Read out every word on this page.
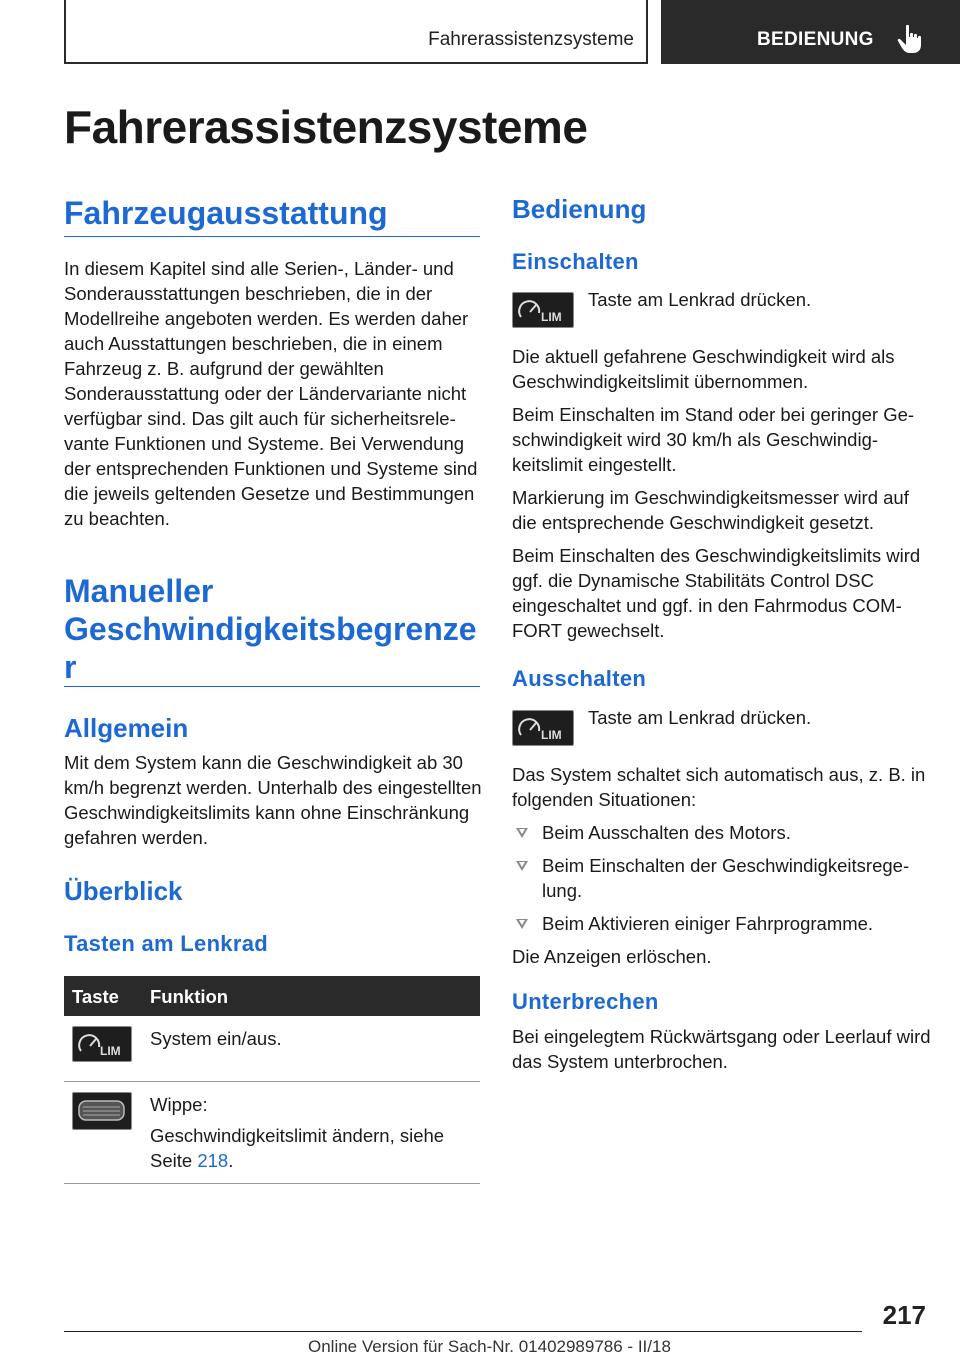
Fahrerassistenzsysteme	BEDIENUNG
Fahrerassistenzsysteme
Fahrzeugausstattung

In diesem Kapitel sind alle Serien-, Länder- und Sonderausstattungen beschrieben, die in der Modellreihe angeboten werden. Es werden daher auch Ausstattungen beschrieben, die in einem Fahrzeug z. B. aufgrund der gewählten Sonderausstattung oder der Ländervariante nicht verfügbar sind. Das gilt auch für sicherheitsrelevante Funktionen und Systeme. Bei Verwendung der entsprechenden Funktionen und Systeme sind die jeweils geltenden Gesetze und Bestimmungen zu beachten.

Manueller
Geschwindigkeitsbegrenze
r
Allgemein

Mit dem System kann die Geschwindigkeit ab 30 km/h begrenzt werden. Unterhalb des eingestellten Geschwindigkeitslimits kann ohne Einschränkung gefahren werden.

Überblick
Tasten am Lenkrad
Taste	Funktion

LIM	System ein/aus.

Wippe:

Geschwindigkeitslimit ändern, siehe Seite 218.

Bedienung
Einschalten
LIM
Taste am Lenkrad drücken.

Die aktuell gefahrene Geschwindigkeit wird als Geschwindigkeitslimit übernommen.

Beim Einschalten im Stand oder bei geringer Geschwindigkeit wird 30 km/h als Geschwindigkeitslimit eingestellt.

Markierung im Geschwindigkeitsmesser wird auf die entsprechende Geschwindigkeit gesetzt.

Beim Einschalten des Geschwindigkeitslimits wird ggf. die Dynamische Stabilitäts Control DSC eingeschaltet und ggf. in den Fahrmodus COMFORT gewechselt.

Ausschalten
LIM
Taste am Lenkrad drücken.

Das System schaltet sich automatisch aus, z. B. in folgenden Situationen:

Beim Ausschalten des Motors.
Beim Einschalten der Geschwindigkeitsregelung.
Beim Aktivieren einiger Fahrprogramme.

Die Anzeigen erlöschen.

Unterbrechen

Bei eingelegtem Rückwärtsgang oder Leerlauf wird das System unterbrochen.

217
Online Version für Sach-Nr. 01402989786 - II/18
